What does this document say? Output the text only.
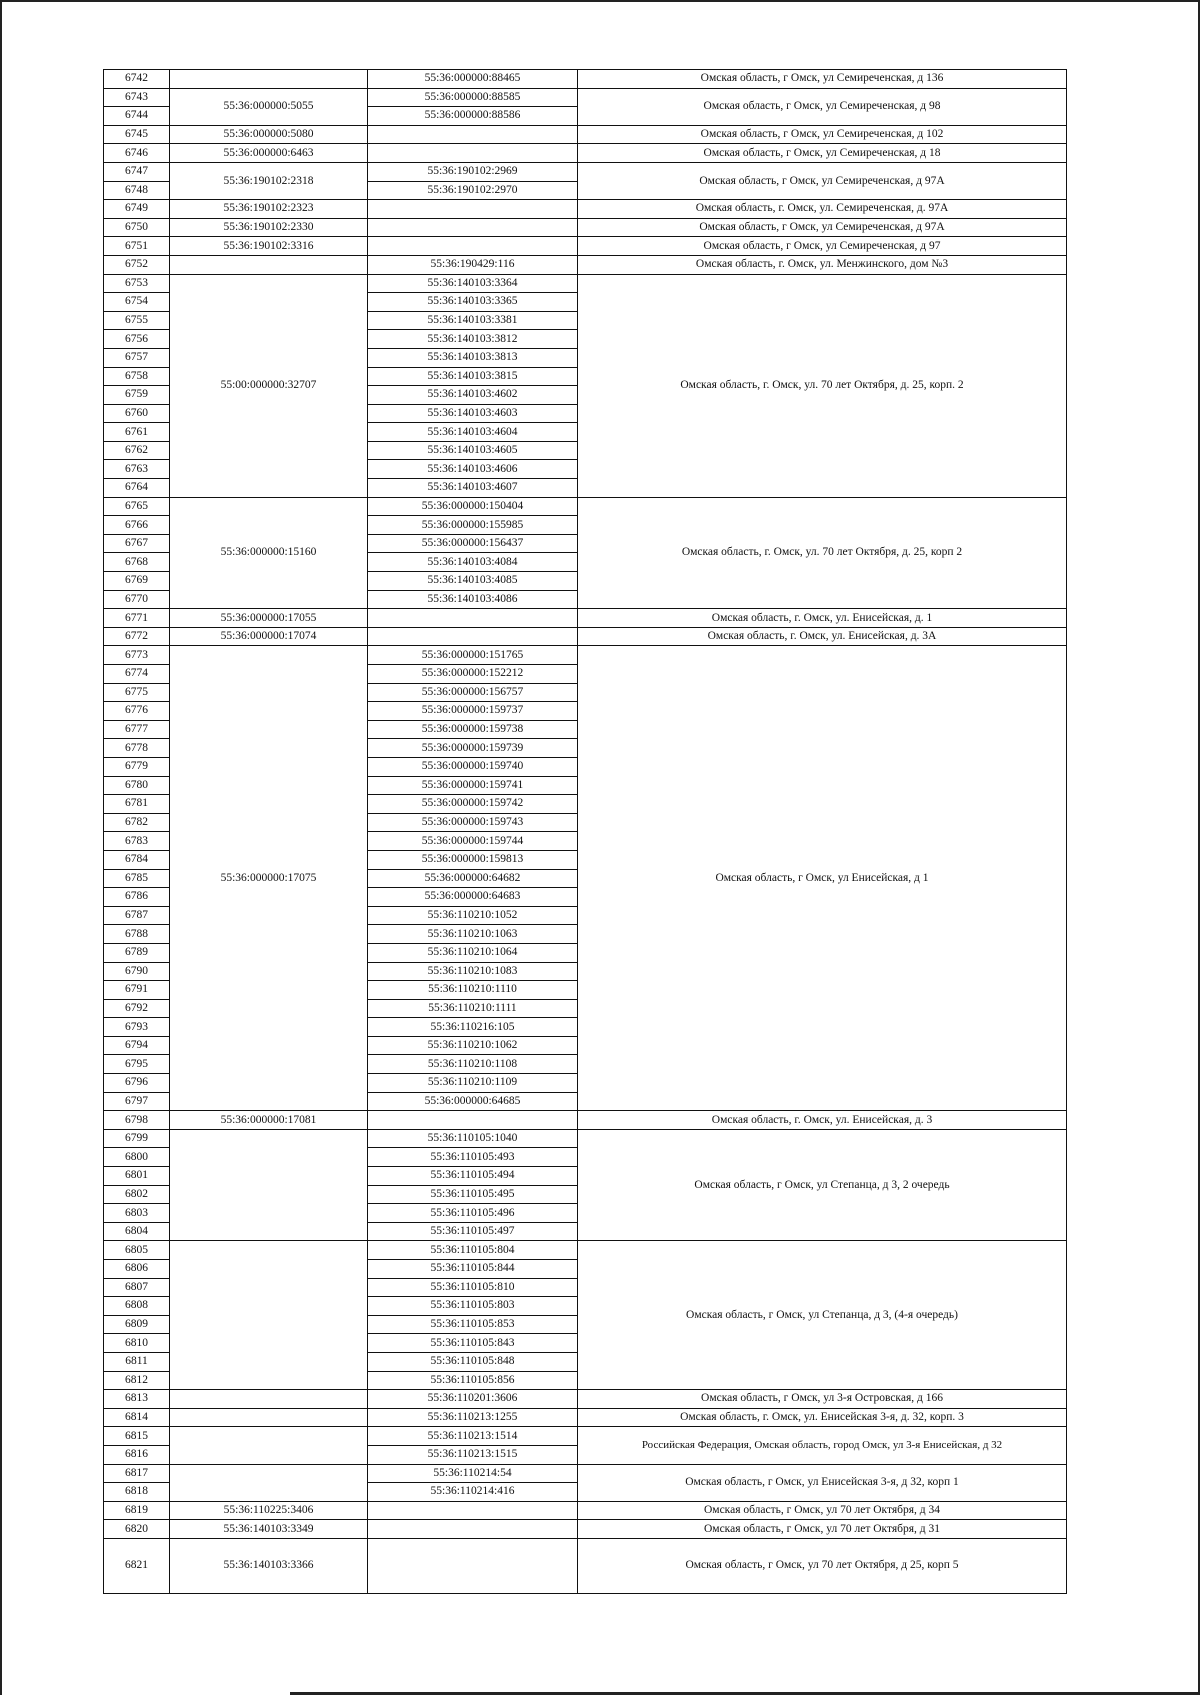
6742		55:36:000000:88465	Омская область, г Омск, ул Семиреченская, д 136
6743	55:36:000000:5055	55:36:000000:88585	Омская область, г Омск, ул Семиреченская, д 98
6744		55:36:000000:88586	
6745	55:36:000000:5080		Омская область, г Омск, ул Семиреченская, д 102
6746	55:36:000000:6463		Омская область, г Омск, ул Семиреченская, д 18
6747	55:36:190102:2318	55:36:190102:2969	Омская область, г Омск, ул Семиреченская, д 97А
6748		55:36:190102:2970	
6749	55:36:190102:2323		Омская область, г. Омск, ул. Семиреченская, д. 97А
6750	55:36:190102:2330		Омская область, г Омск, ул Семиреченская, д 97А
6751	55:36:190102:3316		Омская область, г Омск, ул Семиреченская, д 97
6752		55:36:190429:116	Омская область, г. Омск, ул. Менжинского, дом №3
6753	55:00:000000:32707	55:36:140103:3364	Омская область, г. Омск, ул. 70 лет Октября, д. 25, корп. 2
6754		55:36:140103:3365	
6755		55:36:140103:3381	
6756		55:36:140103:3812	
6757		55:36:140103:3813	
6758		55:36:140103:3815	
6759		55:36:140103:4602	
6760		55:36:140103:4603	
6761		55:36:140103:4604	
6762		55:36:140103:4605	
6763		55:36:140103:4606	
6764		55:36:140103:4607	
6765	55:36:000000:15160	55:36:000000:150404	Омская область, г. Омск, ул. 70 лет Октября, д. 25, корп 2
6766		55:36:000000:155985	
6767		55:36:000000:156437	
6768		55:36:140103:4084	
6769		55:36:140103:4085	
6770		55:36:140103:4086	
6771	55:36:000000:17055		Омская область, г. Омск, ул. Енисейская, д. 1
6772	55:36:000000:17074		Омская область, г. Омск, ул. Енисейская, д. 3А
6773	55:36:000000:17075	55:36:000000:151765	Омская область, г Омск, ул Енисейская, д 1
6774		55:36:000000:152212	
6775		55:36:000000:156757	
6776		55:36:000000:159737	
6777		55:36:000000:159738	
6778		55:36:000000:159739	
6779		55:36:000000:159740	
6780		55:36:000000:159741	
6781		55:36:000000:159742	
6782		55:36:000000:159743	
6783		55:36:000000:159744	
6784		55:36:000000:159813	
6785		55:36:000000:64682	
6786		55:36:000000:64683	
6787		55:36:110210:1052	
6788		55:36:110210:1063	
6789		55:36:110210:1064	
6790		55:36:110210:1083	
6791		55:36:110210:1110	
6792		55:36:110210:1111	
6793		55:36:110216:105	
6794		55:36:110210:1062	
6795		55:36:110210:1108	
6796		55:36:110210:1109	
6797		55:36:000000:64685	
6798	55:36:000000:17081		Омская область, г. Омск, ул. Енисейская, д. 3
6799		55:36:110105:1040	Омская область, г Омск, ул Степанца, д 3, 2 очередь
6800		55:36:110105:493	
6801		55:36:110105:494	
6802		55:36:110105:495	
6803		55:36:110105:496	
6804		55:36:110105:497	
6805		55:36:110105:804	Омская область, г Омск, ул Степанца, д 3, (4-я очередь)
6806		55:36:110105:844	
6807		55:36:110105:810	
6808		55:36:110105:803	
6809		55:36:110105:853	
6810		55:36:110105:843	
6811		55:36:110105:848	
6812		55:36:110105:856	
6813		55:36:110201:3606	Омская область, г Омск, ул 3-я Островская, д 166
6814		55:36:110213:1255	Омская область, г. Омск, ул. Енисейская 3-я, д. 32, корп. 3
6815		55:36:110213:1514	Российская Федерация, Омская область, город Омск, ул 3-я Енисейская, д 32
6816		55:36:110213:1515	
6817		55:36:110214:54	Омская область, г Омск, ул Енисейская 3-я, д 32, корп 1
6818		55:36:110214:416	
6819	55:36:110225:3406		Омская область, г Омск, ул 70 лет Октября, д 34
6820	55:36:140103:3349		Омская область, г Омск, ул 70 лет Октября, д 31
6821	55:36:140103:3366		Омская область, г Омск, ул 70 лет Октября, д 25, корп 5
